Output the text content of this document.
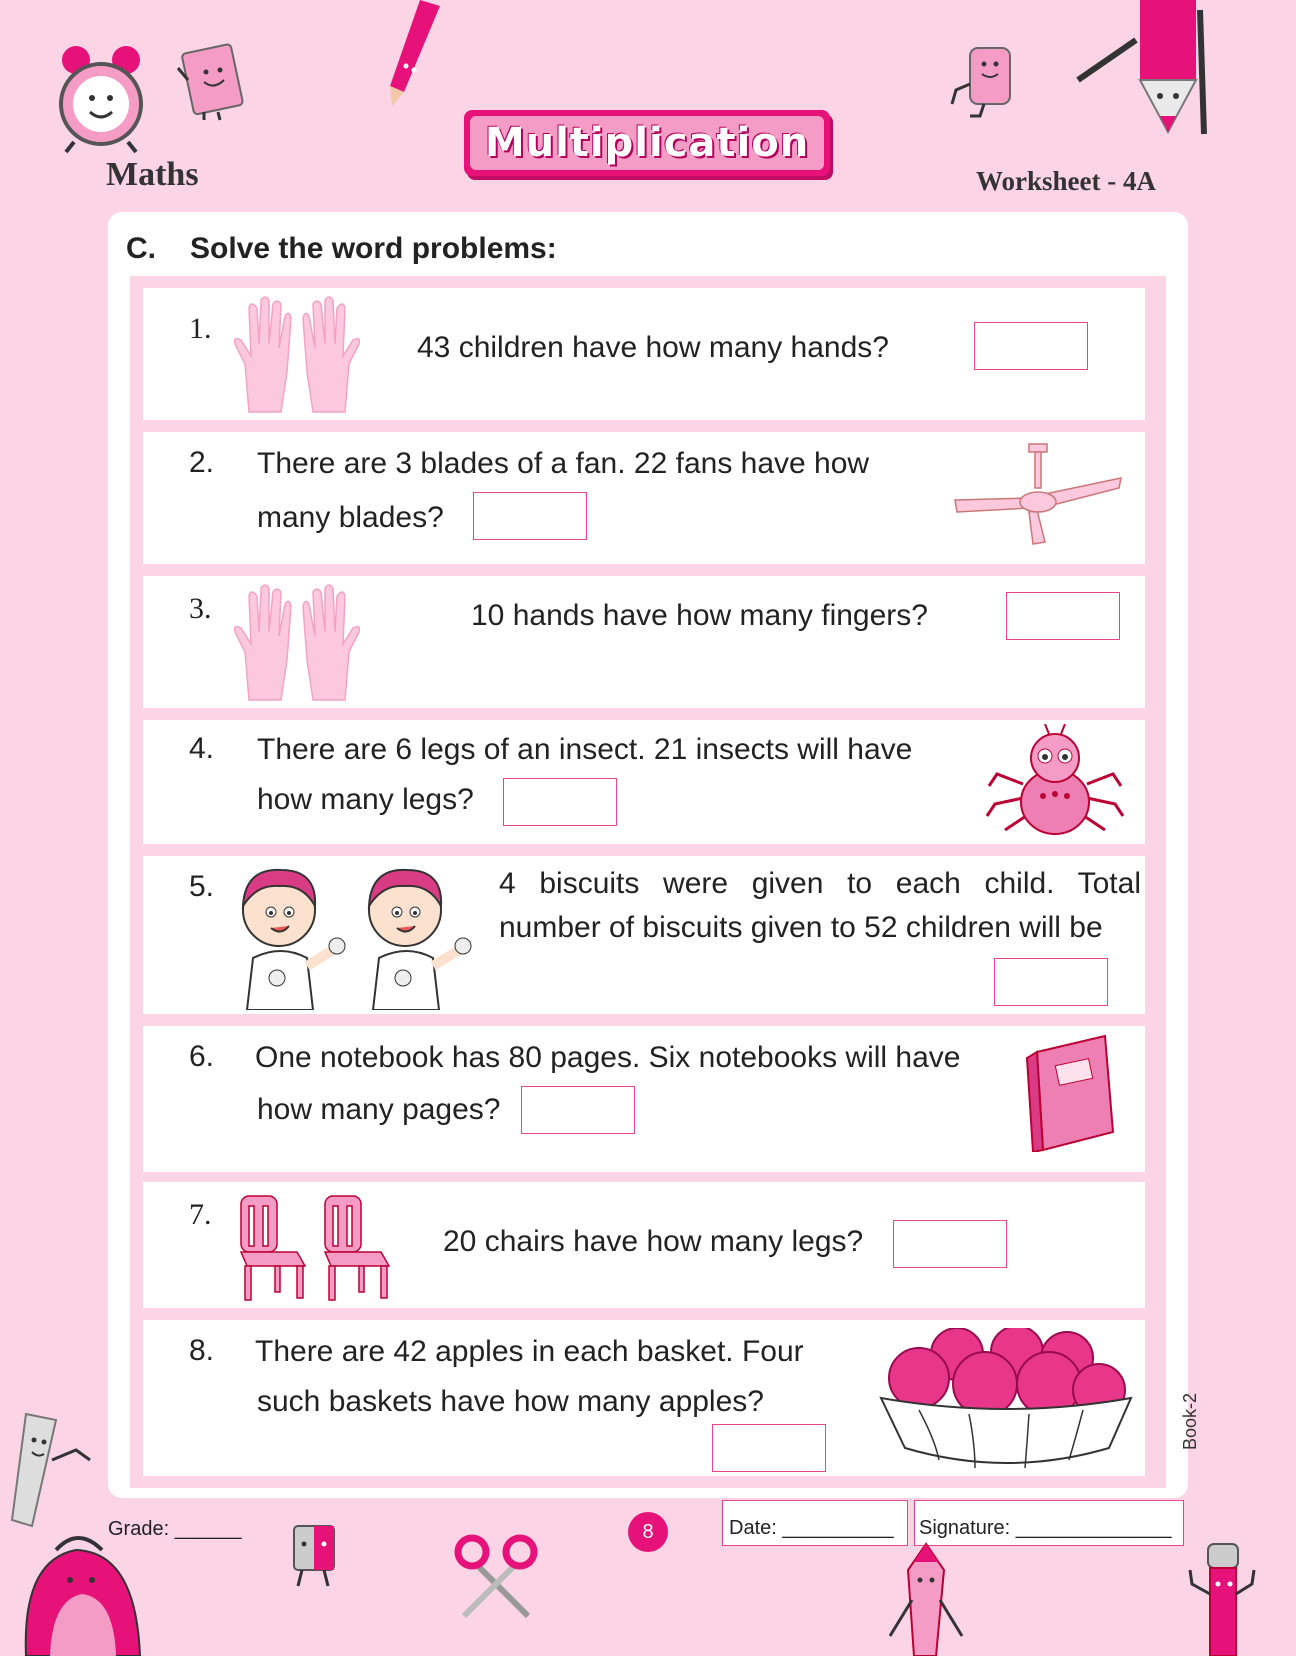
Multiplication
Maths	Worksheet - 4A
C. Solve the word problems:
1.
43 children have how many hands?
2. There are 3 blades of a fan. 22 fans have how
many blades?
3.	10 hands have how many fingers?
4. There are 6 legs of an insect. 21 insects will have
how many legs?
5.	4 biscuits were given to each child. Total
number of biscuits given to 52 children will be
6. One notebook has 80 pages. Six notebooks will have
how many pages?
7.
20 chairs have how many legs?
8. There are 42 apples in each basket. Four
such baskets have how many apples?
Grade: ______	8	Date: __________ Signature: ______________
Book-2
